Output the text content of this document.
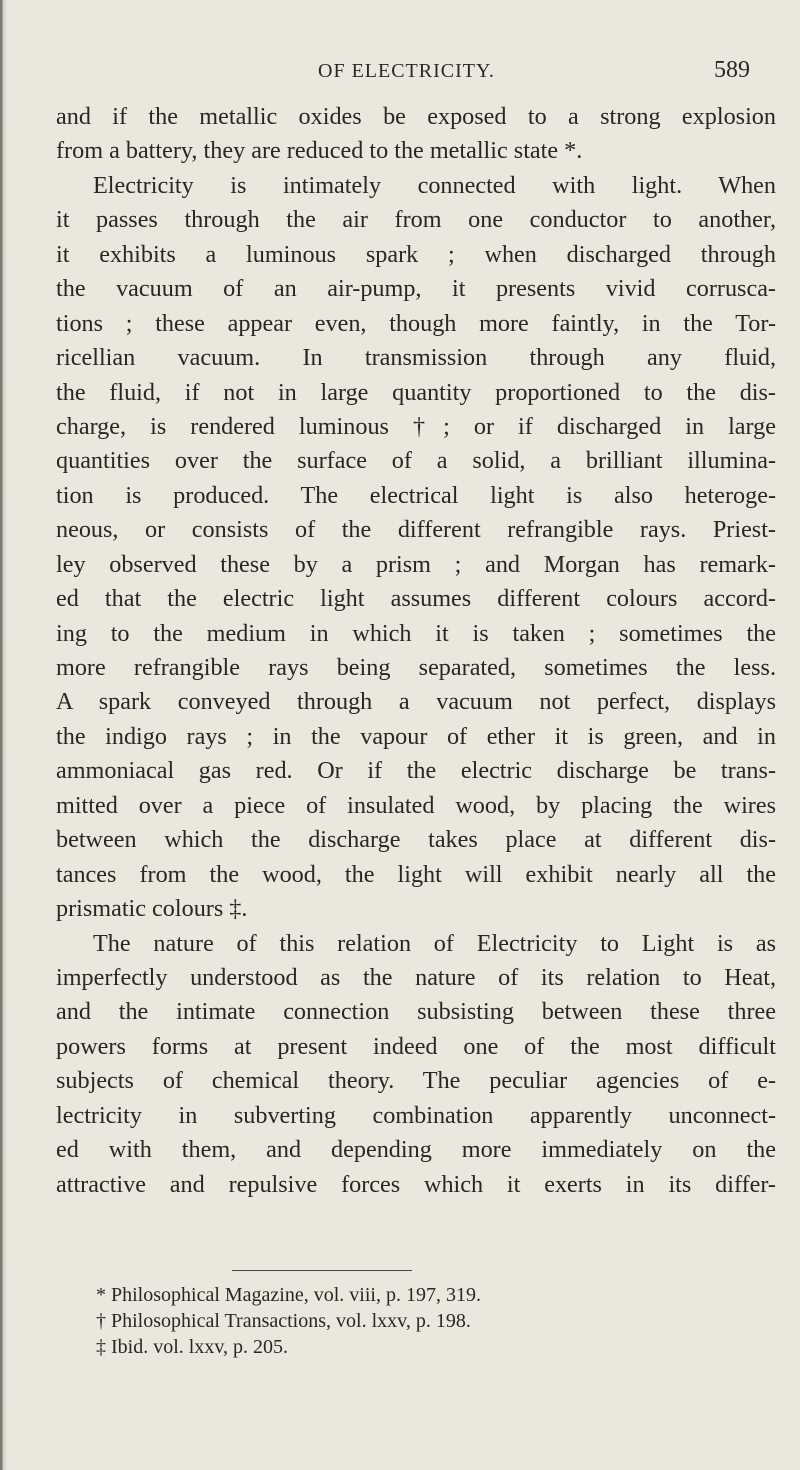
OF ELECTRICITY.	589
and if the metallic oxides be exposed to a strong explosion
from a battery, they are reduced to the metallic state *.
Electricity is intimately connected with light. When
it passes through the air from one conductor to another,
it exhibits a luminous spark ; when discharged through
the vacuum of an air-pump, it presents vivid corrusca-
tions ; these appear even, though more faintly, in the Tor-
ricellian vacuum. In transmission through any fluid,
the fluid, if not in large quantity proportioned to the dis-
charge, is rendered luminous †; or if discharged in large
quantities over the surface of a solid, a brilliant illumina-
tion is produced. The electrical light is also heteroge-
neous, or consists of the different refrangible rays. Priest-
ley observed these by a prism ; and Morgan has remark-
ed that the electric light assumes different colours accord-
ing to the medium in which it is taken ; sometimes the
more refrangible rays being separated, sometimes the less.
A spark conveyed through a vacuum not perfect, displays
the indigo rays ; in the vapour of ether it is green, and in
ammoniacal gas red. Or if the electric discharge be trans-
mitted over a piece of insulated wood, by placing the wires
between which the discharge takes place at different dis-
tances from the wood, the light will exhibit nearly all the
prismatic colours ‡.
The nature of this relation of Electricity to Light is as
imperfectly understood as the nature of its relation to Heat,
and the intimate connection subsisting between these three
powers forms at present indeed one of the most difficult
subjects of chemical theory. The peculiar agencies of e-
lectricity in subverting combination apparently unconnect-
ed with them, and depending more immediately on the
attractive and repulsive forces which it exerts in its differ-
* Philosophical Magazine, vol. viii, p. 197, 319.
† Philosophical Transactions, vol. lxxv, p. 198.
‡ Ibid. vol. lxxv, p. 205.
